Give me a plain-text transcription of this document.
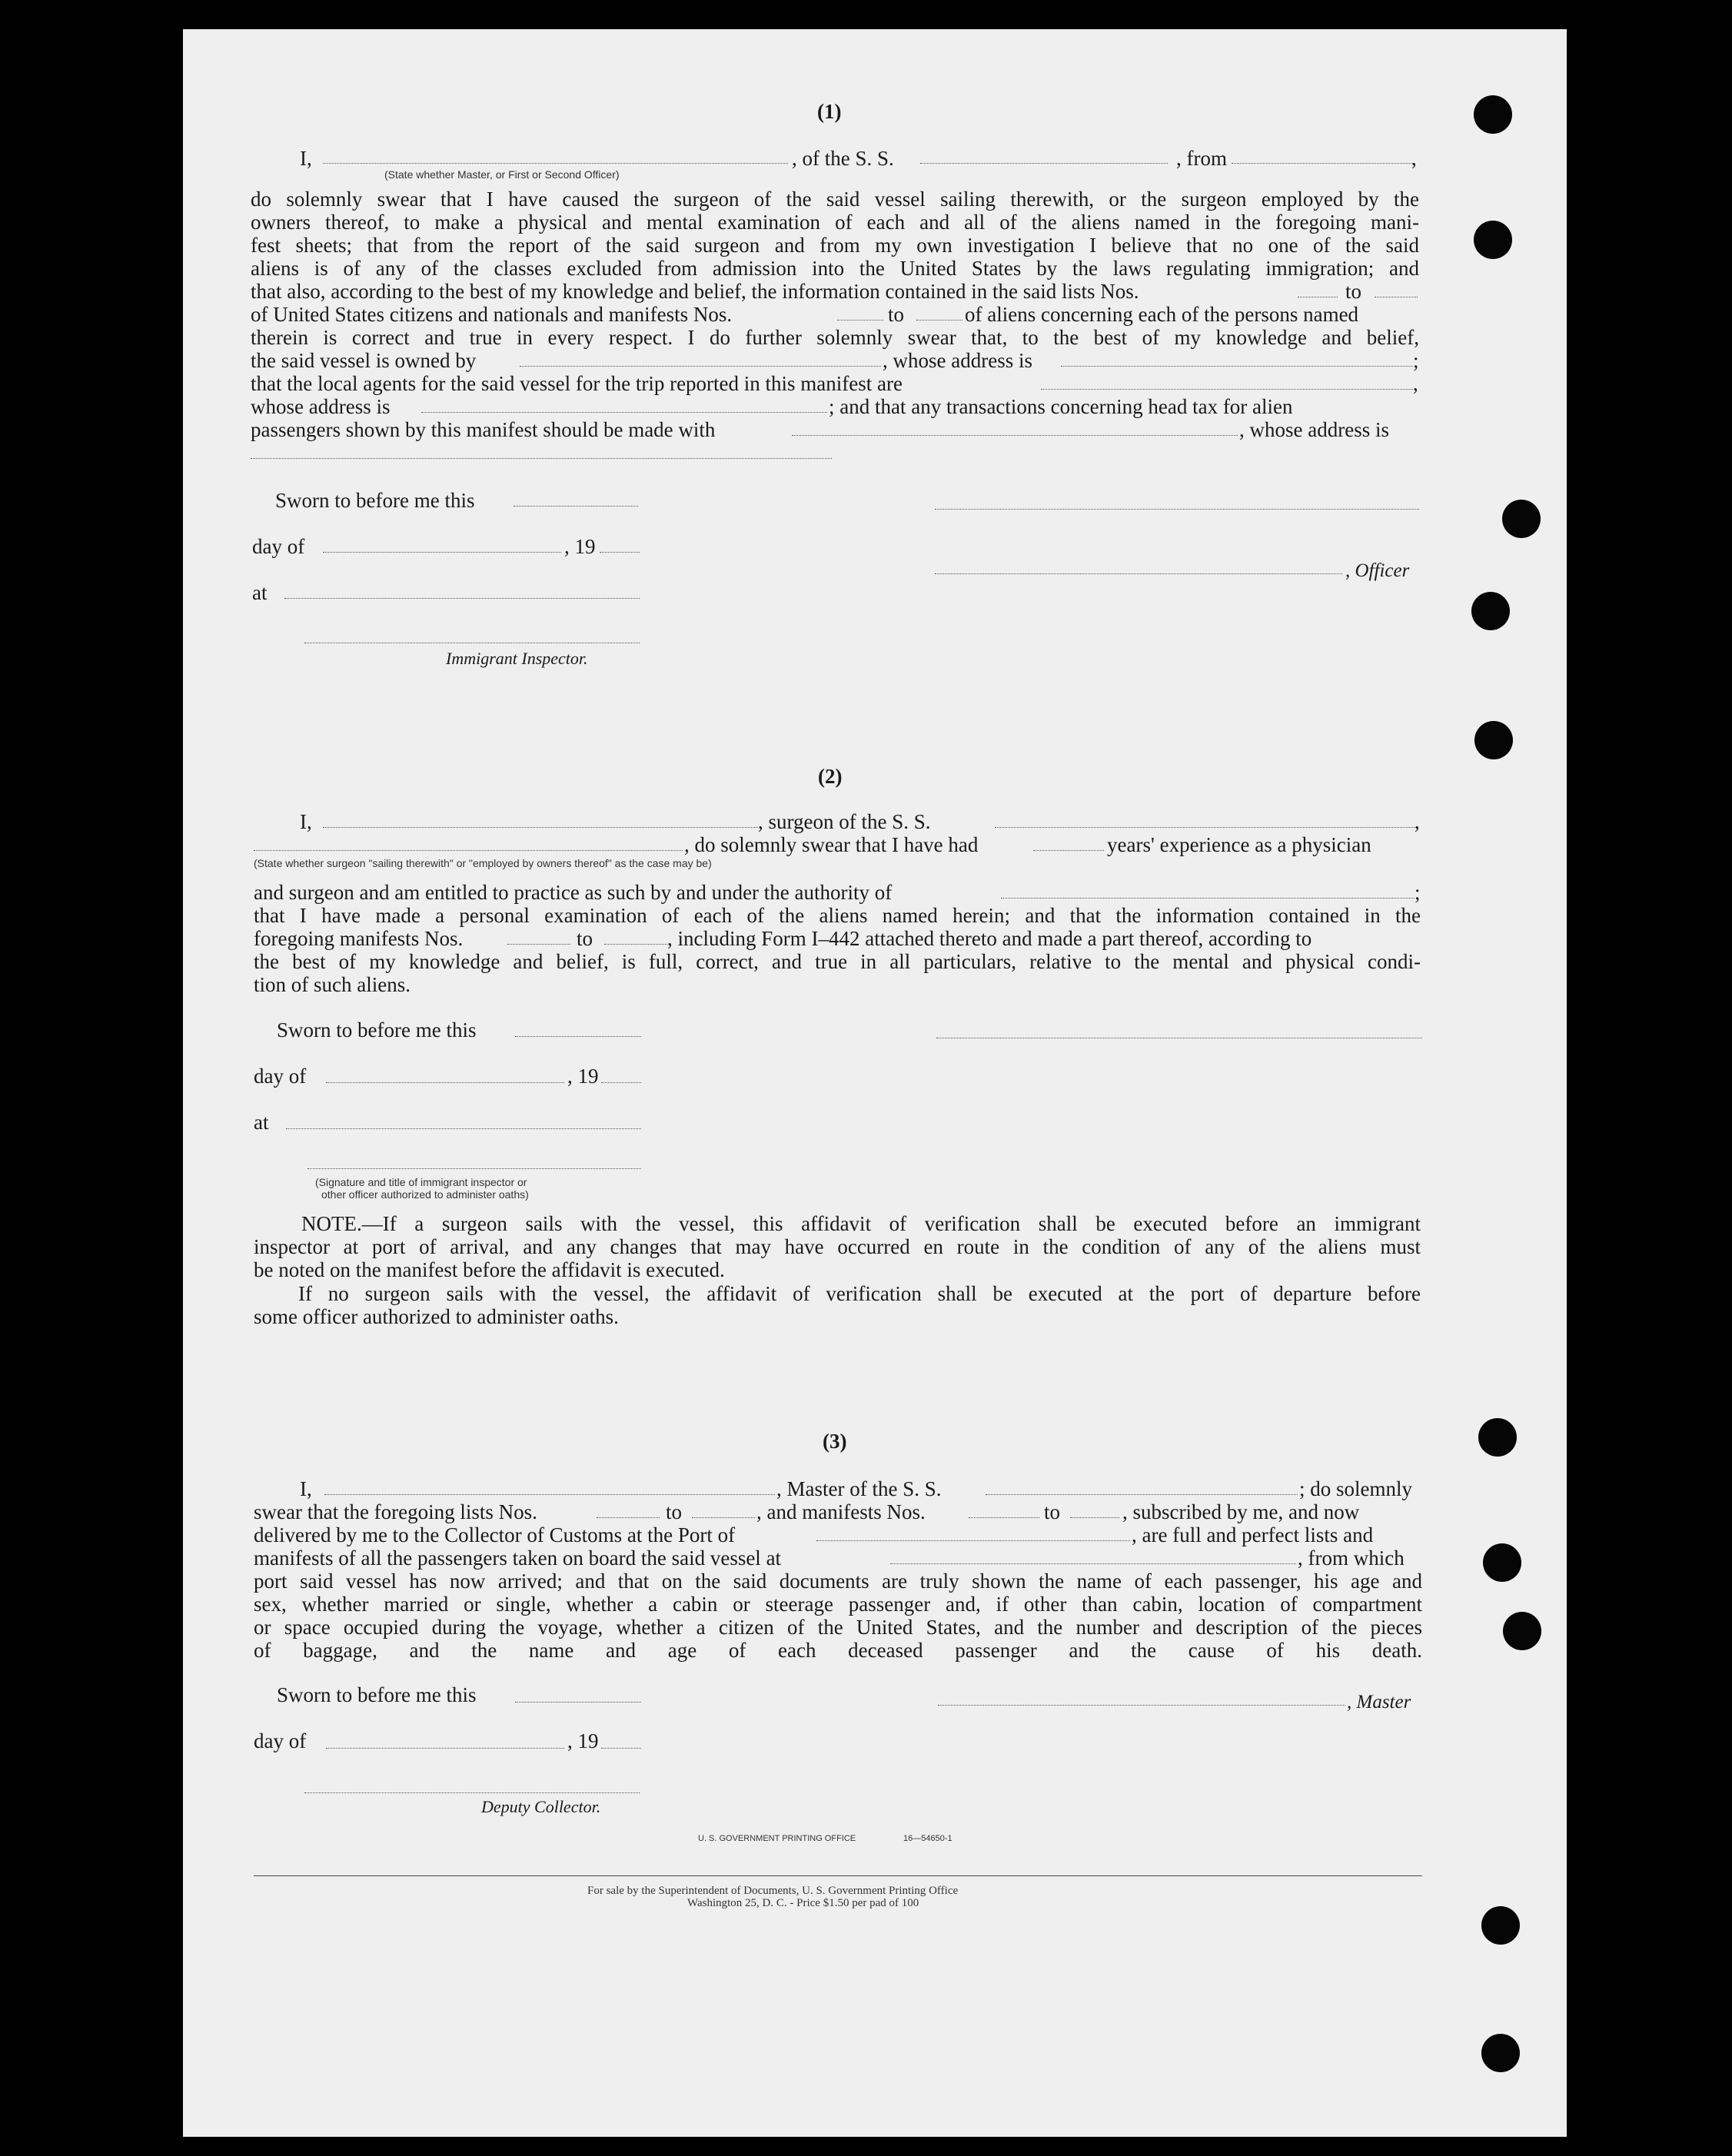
(1)
I,	, of the S. S.	, from	,
(State whether Master, or First or Second Officer)
do solemnly swear that I have caused the surgeon of the said vessel sailing therewith, or the surgeon employed by the
owners thereof, to make a physical and mental examination of each and all of the aliens named in the foregoing mani-
fest sheets; that from the report of the said surgeon and from my own investigation I believe that no one of the said
aliens is of any of the classes excluded from admission into the United States by the laws regulating immigration; and
that also, according to the best of my knowledge and belief, the information contained in the said lists Nos.	to
of United States citizens and nationals and manifests Nos.	to	of aliens concerning each of the persons named
therein is correct and true in every respect. I do further solemnly swear that, to the best of my knowledge and belief,
the said vessel is owned by	, whose address is	;
that the local agents for the said vessel for the trip reported in this manifest are	,
whose address is	; and that any transactions concerning head tax for alien
passengers shown by this manifest should be made with	, whose address is
Sworn to before me this
day of	, 19
at
Immigrant Inspector.
, Officer
(2)
I,	, surgeon of the S. S.	,
, do solemnly swear that I have had	years' experience as a physician
(State whether surgeon "sailing therewith" or "employed by owners thereof" as the case may be)
and surgeon and am entitled to practice as such by and under the authority of	;
that I have made a personal examination of each of the aliens named herein; and that the information contained in the
foregoing manifests Nos.	to	, including Form I–442 attached thereto and made a part thereof, according to
the best of my knowledge and belief, is full, correct, and true in all particulars, relative to the mental and physical condi-
tion of such aliens.
Sworn to before me this
day of	, 19
at
(Signature and title of immigrant inspector or
other officer authorized to administer oaths)
NOTE.—If a surgeon sails with the vessel, this affidavit of verification shall be executed before an immigrant
inspector at port of arrival, and any changes that may have occurred en route in the condition of any of the aliens must
be noted on the manifest before the affidavit is executed.
If no surgeon sails with the vessel, the affidavit of verification shall be executed at the port of departure before
some officer authorized to administer oaths.
(3)
I,	, Master of the S. S.	; do solemnly
swear that the foregoing lists Nos.	to	, and manifests Nos.	to	, subscribed by me, and now
delivered by me to the Collector of Customs at the Port of	, are full and perfect lists and
manifests of all the passengers taken on board the said vessel at	, from which
port said vessel has now arrived; and that on the said documents are truly shown the name of each passenger, his age and
sex, whether married or single, whether a cabin or steerage passenger and, if other than cabin, location of compartment
or space occupied during the voyage, whether a citizen of the United States, and the number and description of the pieces
of baggage, and the name and age of each deceased passenger and the cause of his death.
Sworn to before me this
day of	, 19
Deputy Collector.
, Master
U. S. GOVERNMENT PRINTING OFFICE	16—54650-1
For sale by the Superintendent of Documents, U. S. Government Printing Office
Washington 25, D. C. - Price $1.50 per pad of 100
